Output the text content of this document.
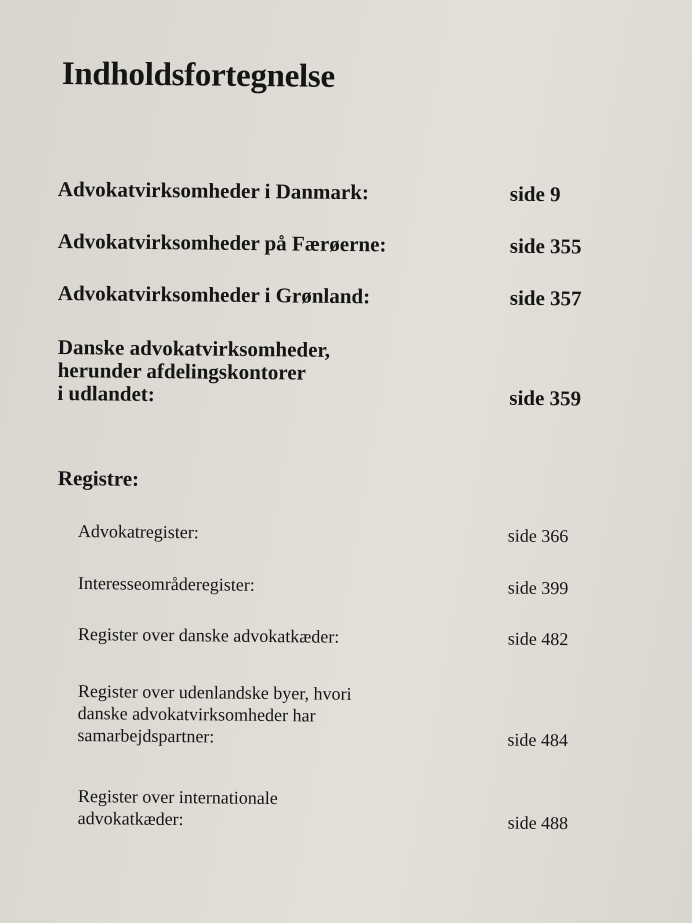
Indholdsfortegnelse
Advokatvirksomheder i Danmark:	side 9
Advokatvirksomheder på Færøerne:	side 355
Advokatvirksomheder i Grønland:	side 357
Danske advokatvirksomheder,
herunder afdelingskontorer
i udlandet:	side 359
Registre:
Advokatregister:	side 366
Interesseområderegister:	side 399
Register over danske advokatkæder:	side 482
Register over udenlandske byer, hvori
danske advokatvirksomheder har
samarbejdspartner:	side 484
Register over internationale
advokatkæder:	side 488
